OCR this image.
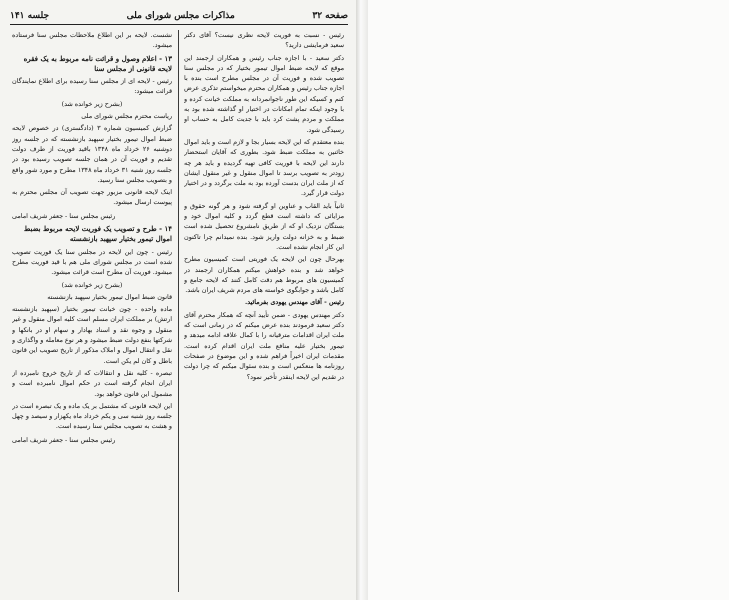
صفحه ۳۲
مذاکرات مجلس شورای ملی
جلسه ۱۴۱

رئیس - نسبت به فوریت لایحه نظری نیست؟ آقای دکتر سعید فرمایشی دارید؟

دکتر سعید - با اجازه جناب رئیس و همکاران ارجمند این موقع که لایحه ضبط اموال تیمور بختیار که در مجلس سنا تصویب شده و فوریت آن در مجلس مطرح است بنده با اجازه جناب رئیس و همکاران محترم میخواستم تذکری عرض کنم و کسیکه این طور ناجوانمردانه به مملکت خیانت کرده و با وجود اینکه تمام امکانات در اختیار او گذاشته شده بود به مملکت و مردم پشت کرد باید با جدیت کامل به حساب او رسیدگی شود.

بنده معتقدم که این لایحه بسیار بجا و لازم است و باید اموال خائنین به مملکت ضبط شود. بطوری که آقایان استحضار دارند این لایحه با فوریت کافی تهیه گردیده و باید هر چه زودتر به تصویب برسد تا اموال منقول و غیر منقول ایشان که از ملت ایران بدست آورده بود به ملت برگردد و در اختیار دولت قرار گیرد.

ثانیاً باید القاب و عناوین او گرفته شود و هر گونه حقوق و مزایائی که داشته است قطع گردد و کلیه اموال خود و بستگان نزدیک او که از طریق نامشروع تحصیل شده است ضبط و به خزانه دولت واریز شود. بنده نمیدانم چرا تاکنون این کار انجام نشده است.

بهرحال چون این لایحه یک فوریتی است کمیسیون مطرح خواهد شد و بنده خواهش میکنم همکاران ارجمند در کمیسیون های مربوط هم دقت کامل کنند که لایحه جامع و کامل باشد و جوابگوی خواسته های مردم شریف ایران باشد.

رئیس - آقای مهندس یهودی بفرمائید.

دکتر مهندس یهودی - ضمن تأیید آنچه که همکار محترم آقای دکتر سعید فرمودند بنده عرض میکنم که در زمانی است که ملت ایران اقدامات مترقیانه را با کمال علاقه ادامه میدهد و تیمور بختیار علیه منافع ملت ایران اقدام کرده است. مقدمات ایران اخیراً فراهم شده و این موضوع در صفحات روزنامه ها منعکس است و بنده سئوال میکنم که چرا دولت در تقدیم این لایحه اینقدر تأخیر نمود؟

نشست. لایحه بر این اطلاع ملاحظات مجلس سنا فرستاده میشود.

۱۳ - اعلام وصول و قرائت نامه مربوط به یک فقره لایحه قانونی از مجلس سنا

رئیس - لایحه ای از مجلس سنا رسیده برای اطلاع نمایندگان قرائت میشود:

(بشرح زیر خوانده شد)

ریاست محترم مجلس شورای ملی

گزارش کمیسیون شماره ۳ (دادگستری) در خصوص لایحه ضبط اموال تیمور بختیار سپهبد بازنشسته که در جلسه روز دوشنبه ۲۶ خرداد ماه ۱۳۴۸ باقید فوریت از طرف دولت تقدیم و فوریت آن در همان جلسه تصویب رسیده بود در جلسه روز شنبه ۳۱ خرداد ماه ۱۳۴۸ مطرح و مورد شور واقع و بتصویب مجلس سنا رسید.

اینک لایحه قانونی مزبور جهت تصویب آن مجلس محترم به پیوست ارسال میشود.

رئیس مجلس سنا - جعفر شریف امامی

۱۴ - طرح و تصویب یک فوریت لایحه مربوط بضبط اموال تیمور بختیار سپهبد بازنشسته

رئیس - چون این لایحه در مجلس سنا یک فوریت تصویب شده است در مجلس شورای ملی هم با قید فوریت مطرح میشود. فوریت آن مطرح است قرائت میشود.

(بشرح زیر خوانده شد)

قانون ضبط اموال تیمور بختیار سپهبد بازنشسته

ماده واحده - چون خیانت تیمور بختیار (سپهبد بازنشسته ارتش) بر مملکت ایران مسلم است کلیه اموال منقول و غیر منقول و وجوه نقد و اسناد بهادار و سهام او در بانکها و شرکتها بنفع دولت ضبط میشود و هر نوع معامله و واگذاری و نقل و انتقال اموال و املاک مذکور از تاریخ تصویب این قانون باطل و کان لم یکن است.

تبصره - کلیه نقل و انتقالات که از تاریخ خروج نامبرده از ایران انجام گرفته است در حکم اموال نامبرده است و مشمول این قانون خواهد بود.

این لایحه قانونی که مشتمل بر یک ماده و یک تبصره است در جلسه روز شنبه سی و یکم خرداد ماه یکهزار و سیصد و چهل و هشت به تصویب مجلس سنا رسیده است.

رئیس مجلس سنا - جعفر شریف امامی
